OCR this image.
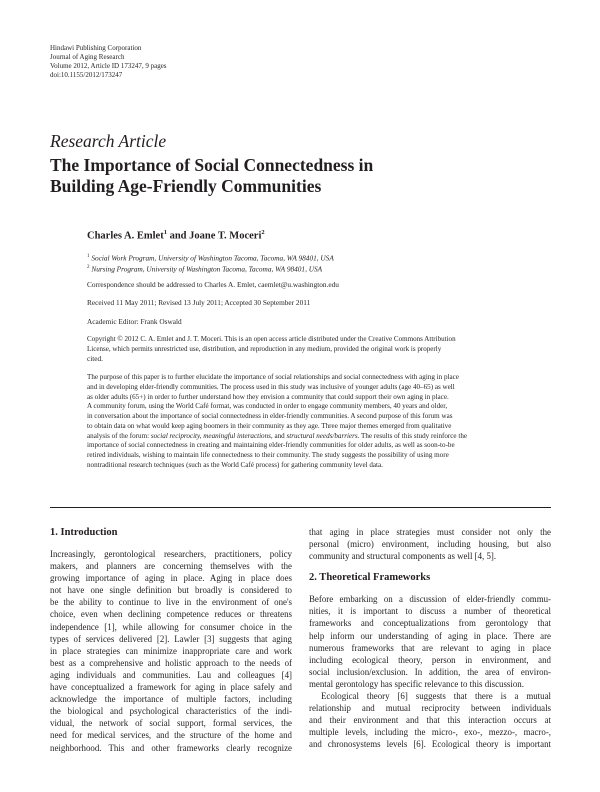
Hindawi Publishing Corporation
Journal of Aging Research
Volume 2012, Article ID 173247, 9 pages
doi:10.1155/2012/173247
Research Article
The Importance of Social Connectedness in
Building Age-Friendly Communities
Charles A. Emlet$^1$ and Joane T. Moceri$^2$
$^1$ Social Work Program, University of Washington Tacoma, Tacoma, WA 98401, USA
$^2$ Nursing Program, University of Washington Tacoma, Tacoma, WA 98401, USA
Correspondence should be addressed to Charles A. Emlet, caemlet@u.washington.edu
Received 11 May 2011; Revised 13 July 2011; Accepted 30 September 2011
Academic Editor: Frank Oswald
Copyright © 2012 C. A. Emlet and J. T. Moceri. This is an open access article distributed under the Creative Commons Attribution
License, which permits unrestricted use, distribution, and reproduction in any medium, provided the original work is properly
cited.
The purpose of this paper is to further elucidate the importance of social relationships and social connectedness with aging in place
and in developing elder-friendly communities. The process used in this study was inclusive of younger adults (age 40–65) as well
as older adults (65+) in order to further understand how they envision a community that could support their own aging in place.
A community forum, using the World Café format, was conducted in order to engage community members, 40 years and older,
in conversation about the importance of social connectedness in elder-friendly communities. A second purpose of this forum was
to obtain data on what would keep aging boomers in their community as they age. Three major themes emerged from qualitative
analysis of the forum: social reciprocity, meaningful interactions, and structural needs/barriers. The results of this study reinforce the
importance of social connectedness in creating and maintaining elder-friendly communities for older adults, as well as soon-to-be
retired individuals, wishing to maintain life connectedness to their community. The study suggests the possibility of using more
nontraditional research techniques (such as the World Café process) for gathering community level data.
1. Introduction
Increasingly, gerontological researchers, practitioners, policy
makers, and planners are concerning themselves with the
growing importance of aging in place. Aging in place does
not have one single definition but broadly is considered to
be the ability to continue to live in the environment of one's
choice, even when declining competence reduces or threatens
independence [1], while allowing for consumer choice in the
types of services delivered [2]. Lawler [3] suggests that aging
in place strategies can minimize inappropriate care and work
best as a comprehensive and holistic approach to the needs of
aging individuals and communities. Lau and colleagues [4]
have conceptualized a framework for aging in place safely and
acknowledge the importance of multiple factors, including
the biological and psychological characteristics of the indi-
vidual, the network of social support, formal services, the
need for medical services, and the structure of the home and
neighborhood. This and other frameworks clearly recognize
that aging in place strategies must consider not only the
personal (micro) environment, including housing, but also
community and structural components as well [4, 5].
2. Theoretical Frameworks
Before embarking on a discussion of elder-friendly commu-
nities, it is important to discuss a number of theoretical
frameworks and conceptualizations from gerontology that
help inform our understanding of aging in place. There are
numerous frameworks that are relevant to aging in place
including ecological theory, person in environment, and
social inclusion/exclusion. In addition, the area of environ-
mental gerontology has specific relevance to this discussion.
Ecological theory [6] suggests that there is a mutual
relationship and mutual reciprocity between individuals
and their environment and that this interaction occurs at
multiple levels, including the micro-, exo-, mezzo-, macro-,
and chronosystems levels [6]. Ecological theory is important
